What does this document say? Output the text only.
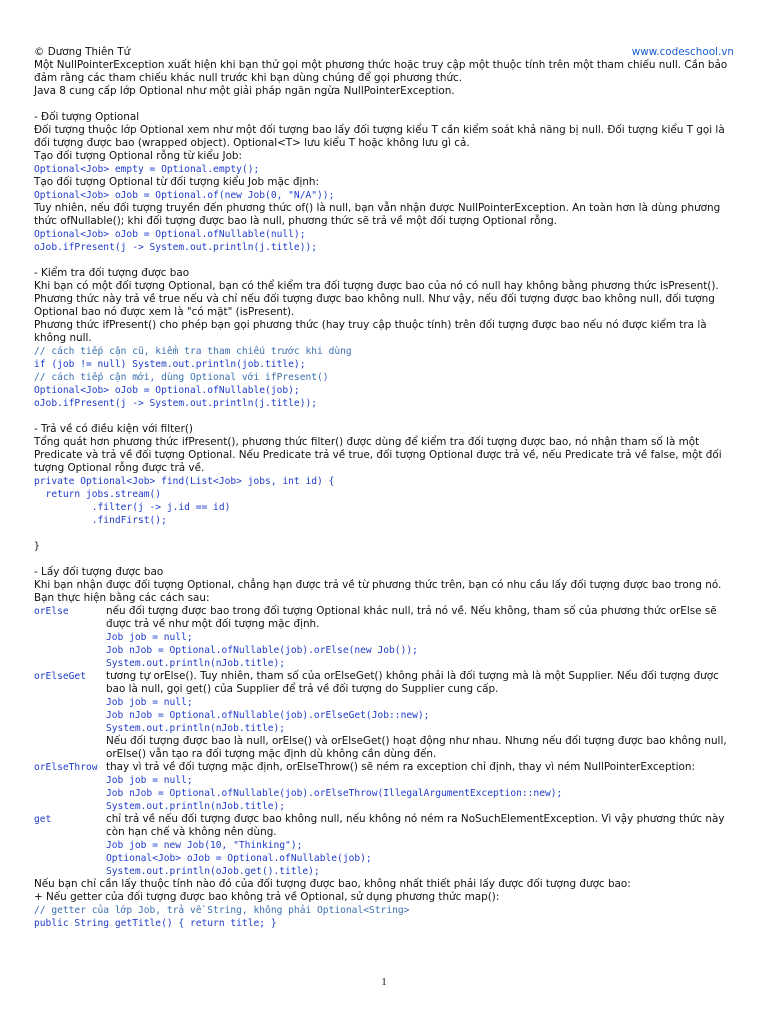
© Dương Thiên Tứ	www.codeschool.vn
Một NullPointerException xuất hiện khi bạn thử gọi một phương thức hoặc truy cập một thuộc tính trên một tham chiếu null. Cần bảo đảm rằng các tham chiếu khác null trước khi bạn dùng chúng để gọi phương thức.
Java 8 cung cấp lớp Optional như một giải pháp ngăn ngừa NullPointerException.
- Đối tượng Optional
Đối tượng thuộc lớp Optional xem như một đối tượng bao lấy đối tượng kiểu T cần kiểm soát khả năng bị null. Đối tượng kiểu T gọi là đối tượng được bao (wrapped object). Optional<T> lưu kiểu T hoặc không lưu gì cả.
Tạo đối tượng Optional rỗng từ kiểu Job:
Optional<Job> empty = Optional.empty();
Tạo đối tượng Optional từ đối tượng kiểu Job mặc định:
Optional<Job> oJob = Optional.of(new Job(0, "N/A"));
Tuy nhiên, nếu đối tượng truyền đến phương thức of() là null, bạn vẫn nhận được NullPointerException. An toàn hơn là dùng phương thức ofNullable(); khi đối tượng được bao là null, phương thức sẽ trả về một đối tượng Optional rỗng.
Optional<Job> oJob = Optional.ofNullable(null);
oJob.ifPresent(j -> System.out.println(j.title));
- Kiểm tra đối tượng được bao
Khi bạn có một đối tượng Optional, bạn có thể kiểm tra đối tượng được bao của nó có null hay không bằng phương thức isPresent(). Phương thức này trả về true nếu và chỉ nếu đối tượng được bao không null. Như vậy, nếu đối tượng được bao không null, đối tượng Optional bao nó được xem là "có mặt" (isPresent).
Phương thức ifPresent() cho phép bạn gọi phương thức (hay truy cập thuộc tính) trên đối tượng được bao nếu nó được kiểm tra là không null.
// cách tiếp cận cũ, kiểm tra tham chiếu trước khi dùng
if (job != null) System.out.println(job.title);
// cách tiếp cận mới, dùng Optional với ifPresent()
Optional<Job> oJob = Optional.ofNullable(job);
oJob.ifPresent(j -> System.out.println(j.title));
- Trả về có điều kiện với filter()
Tổng quát hơn phương thức ifPresent(), phương thức filter() được dùng để kiểm tra đối tượng được bao, nó nhận tham số là một Predicate và trả về đối tượng Optional. Nếu Predicate trả về true, đối tượng Optional được trả về, nếu Predicate trả về false, một đối tượng Optional rỗng được trả về.
private Optional<Job> find(List<Job> jobs, int id) {
return jobs.stream()
.filter(j -> j.id == id)
.findFirst();
}
- Lấy đối tượng được bao
Khi bạn nhận được đối tượng Optional, chẳng hạn được trả về từ phương thức trên, bạn có nhu cầu lấy đối tượng được bao trong nó. Bạn thực hiện bằng các cách sau:
orElse	nếu đối tượng được bao trong đối tượng Optional khác null, trả nó về. Nếu không, tham số của phương thức orElse sẽ được trả về như một đối tượng mặc định.
Job job = null;
Job nJob = Optional.ofNullable(job).orElse(new Job());
System.out.println(nJob.title);
orElseGet	tương tự orElse(). Tuy nhiên, tham số của orElseGet() không phải là đối tượng mà là một Supplier. Nếu đối tượng được bao là null, gọi get() của Supplier để trả về đối tượng do Supplier cung cấp.
Job job = null;
Job nJob = Optional.ofNullable(job).orElseGet(Job::new);
System.out.println(nJob.title);
Nếu đối tượng được bao là null, orElse() và orElseGet() hoạt động như nhau. Nhưng nếu đối tượng được bao không null, orElse() vẫn tạo ra đối tượng mặc định dù không cần dùng đến.
orElseThrow thay vì trả về đối tượng mặc định, orElseThrow() sẽ ném ra exception chỉ định, thay vì ném NullPointerException:
Job job = null;
Job nJob = Optional.ofNullable(job).orElseThrow(IllegalArgumentException::new);
System.out.println(nJob.title);
get	chỉ trả về nếu đối tượng được bao không null, nếu không nó ném ra NoSuchElementException. Vì vậy phương thức này còn hạn chế và không nên dùng.
Job job = new Job(10, "Thinking");
Optional<Job> oJob = Optional.ofNullable(job);
System.out.println(oJob.get().title);
Nếu bạn chỉ cần lấy thuộc tính nào đó của đối tượng được bao, không nhất thiết phải lấy được đối tượng được bao:
+ Nếu getter của đối tượng được bao không trả về Optional, sử dụng phương thức map():
// getter của lớp Job, trả về String, không phải Optional<String>
public String getTitle() { return title; }
1
